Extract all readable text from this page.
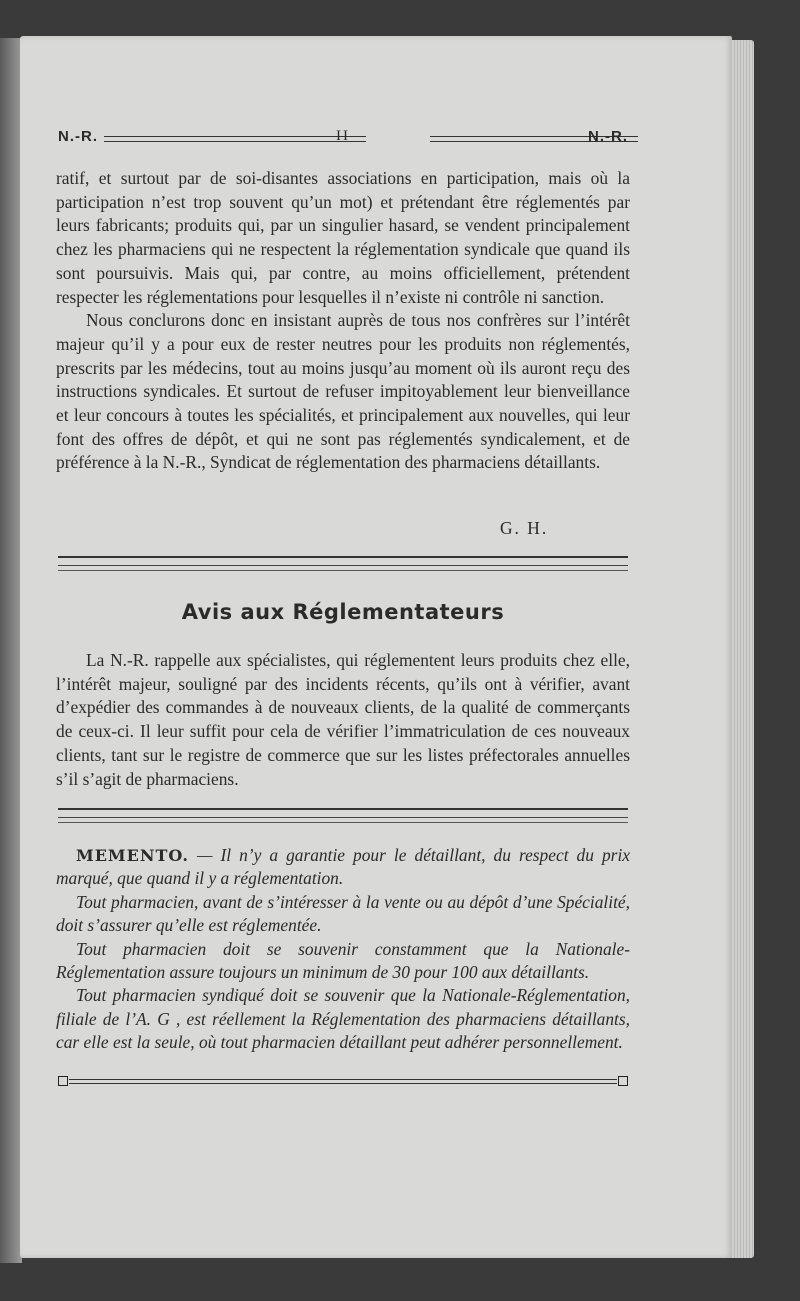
N.-R.	II	N.-R.

ratif, et surtout par de soi-disantes associations en participation, mais où la participation n’est trop souvent qu’un mot) et prétendant être réglementés par leurs fabricants; produits qui, par un singulier hasard, se vendent principalement chez les pharmaciens qui ne respectent la réglementation syndicale que quand ils sont poursuivis. Mais qui, par contre, au moins officiellement, prétendent respecter les réglementations pour lesquelles il n’existe ni contrôle ni sanction.

Nous conclurons donc en insistant auprès de tous nos confrères sur l’intérêt majeur qu’il y a pour eux de rester neutres pour les produits non réglementés, prescrits par les médecins, tout au moins jusqu’au moment où ils auront reçu des instructions syndicales. Et surtout de refuser impitoyablement leur bienveillance et leur concours à toutes les spécialités, et principalement aux nouvelles, qui leur font des offres de dépôt, et qui ne sont pas réglementés syndicalement, et de préférence à la N.-R., Syndicat de réglementation des pharmaciens détaillants.

G. H.
Avis aux Réglementateurs

La N.-R. rappelle aux spécialistes, qui réglementent leurs produits chez elle, l’intérêt majeur, souligné par des incidents récents, qu’ils ont à vérifier, avant d’expédier des commandes à de nouveaux clients, de la qualité de commerçants de ceux-ci. Il leur suffit pour cela de vérifier l’immatriculation de ces nouveaux clients, tant sur le registre de commerce que sur les listes préfectorales annuelles s’il s’agit de pharmaciens.

MEMENTO. — Il n’y a garantie pour le détaillant, du respect du prix marqué, que quand il y a réglementation.

Tout pharmacien, avant de s’intéresser à la vente ou au dépôt d’une Spécialité, doit s’assurer qu’elle est réglementée.

Tout pharmacien doit se souvenir constamment que la Nationale-Réglementation assure toujours un minimum de 30 pour 100 aux détaillants.

Tout pharmacien syndiqué doit se souvenir que la Nationale-Réglementation, filiale de l’A. G , est réellement la Réglementation des pharmaciens détaillants, car elle est la seule, où tout pharmacien détaillant peut adhérer personnellement.
